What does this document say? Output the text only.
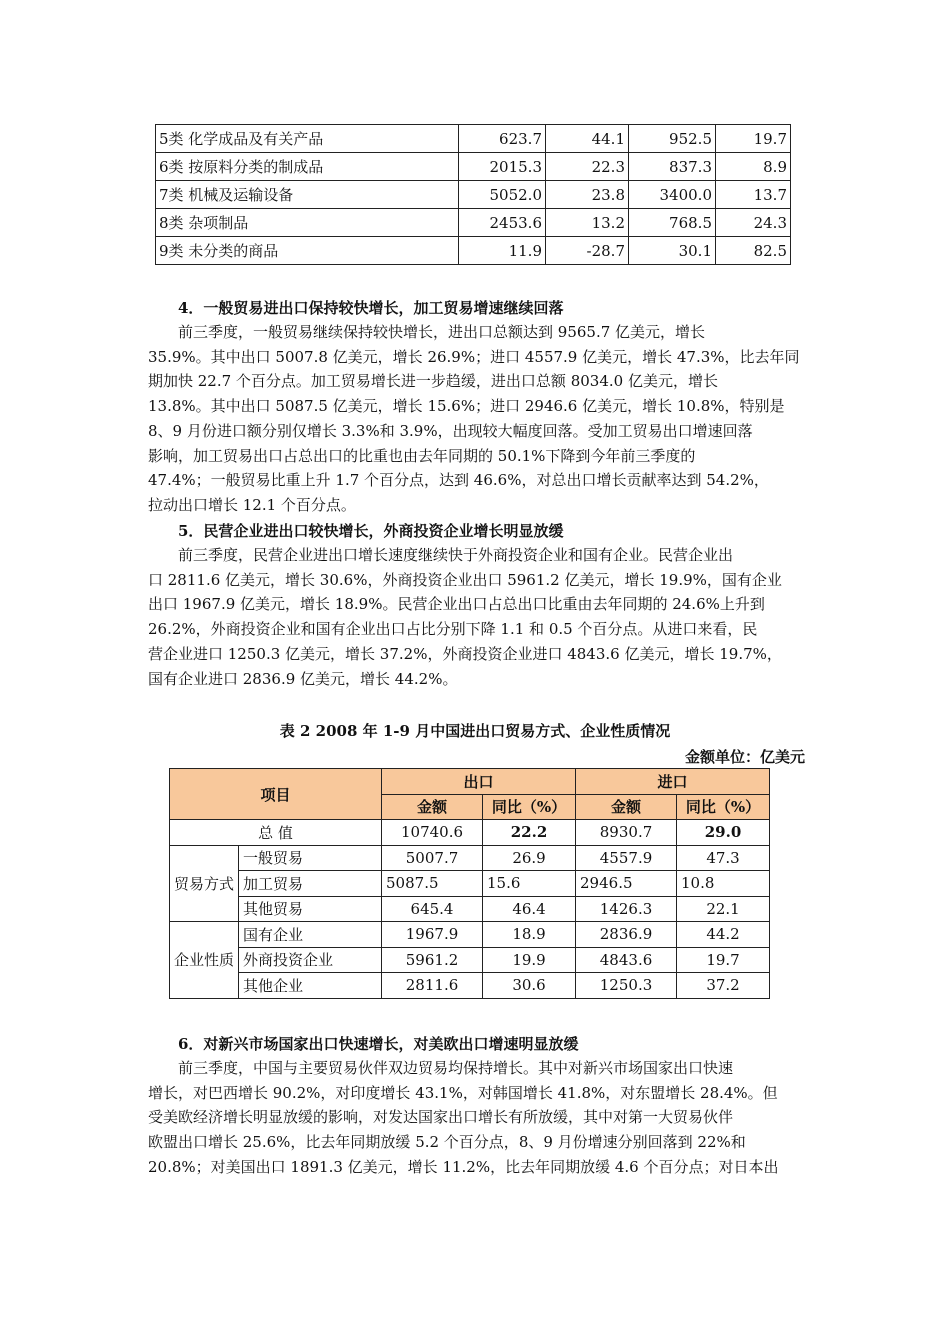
5类 化学成品及有关产品	623.7	44.1	952.5	19.7
6类 按原料分类的制成品	2015.3	22.3	837.3	8.9
7类 机械及运输设备	5052.0	23.8	3400.0	13.7
8类 杂项制品	2453.6	13.2	768.5	24.3
9类 未分类的商品	11.9	-28.7	30.1	82.5
4．一般贸易进出口保持较快增长，加工贸易增速继续回落
前三季度，一般贸易继续保持较快增长，进出口总额达到 9565.7 亿美元，增长
35.9%。其中出口 5007.8 亿美元，增长 26.9%；进口 4557.9 亿美元，增长 47.3%，比去年同
期加快 22.7 个百分点。加工贸易增长进一步趋缓，进出口总额 8034.0 亿美元，增长
13.8%。其中出口 5087.5 亿美元，增长 15.6%；进口 2946.6 亿美元，增长 10.8%，特别是
8、9 月份进口额分别仅增长 3.3%和 3.9%，出现较大幅度回落。受加工贸易出口增速回落
影响，加工贸易出口占总出口的比重也由去年同期的 50.1%下降到今年前三季度的
47.4%；一般贸易比重上升 1.7 个百分点，达到 46.6%，对总出口增长贡献率达到 54.2%，
拉动出口增长 12.1 个百分点。
5．民营企业进出口较快增长，外商投资企业增长明显放缓
前三季度，民营企业进出口增长速度继续快于外商投资企业和国有企业。民营企业出
口 2811.6 亿美元，增长 30.6%，外商投资企业出口 5961.2 亿美元，增长 19.9%，国有企业
出口 1967.9 亿美元，增长 18.9%。民营企业出口占总出口比重由去年同期的 24.6%上升到
26.2%，外商投资企业和国有企业出口占比分别下降 1.1 和 0.5 个百分点。从进口来看，民
营企业进口 1250.3 亿美元，增长 37.2%，外商投资企业进口 4843.6 亿美元，增长 19.7%，
国有企业进口 2836.9 亿美元，增长 44.2%。
表 2 2008 年 1-9 月中国进出口贸易方式、企业性质情况
金额单位：亿美元
项目		出口		进口	
		金额	同比（%）	金额	同比（%）
总 值		10740.6	22.2	8930.7	29.0
贸易方式	一般贸易	5007.7	26.9	4557.9	47.3
	加工贸易	5087.5	15.6	2946.5	10.8
	其他贸易	645.4	46.4	1426.3	22.1
企业性质	国有企业	1967.9	18.9	2836.9	44.2
	外商投资企业	5961.2	19.9	4843.6	19.7
	其他企业	2811.6	30.6	1250.3	37.2
6．对新兴市场国家出口快速增长，对美欧出口增速明显放缓
前三季度，中国与主要贸易伙伴双边贸易均保持增长。其中对新兴市场国家出口快速
增长，对巴西增长 90.2%，对印度增长 43.1%，对韩国增长 41.8%，对东盟增长 28.4%。但
受美欧经济增长明显放缓的影响，对发达国家出口增长有所放缓，其中对第一大贸易伙伴
欧盟出口增长 25.6%，比去年同期放缓 5.2 个百分点，8、9 月份增速分别回落到 22%和
20.8%；对美国出口 1891.3 亿美元，增长 11.2%，比去年同期放缓 4.6 个百分点；对日本出
